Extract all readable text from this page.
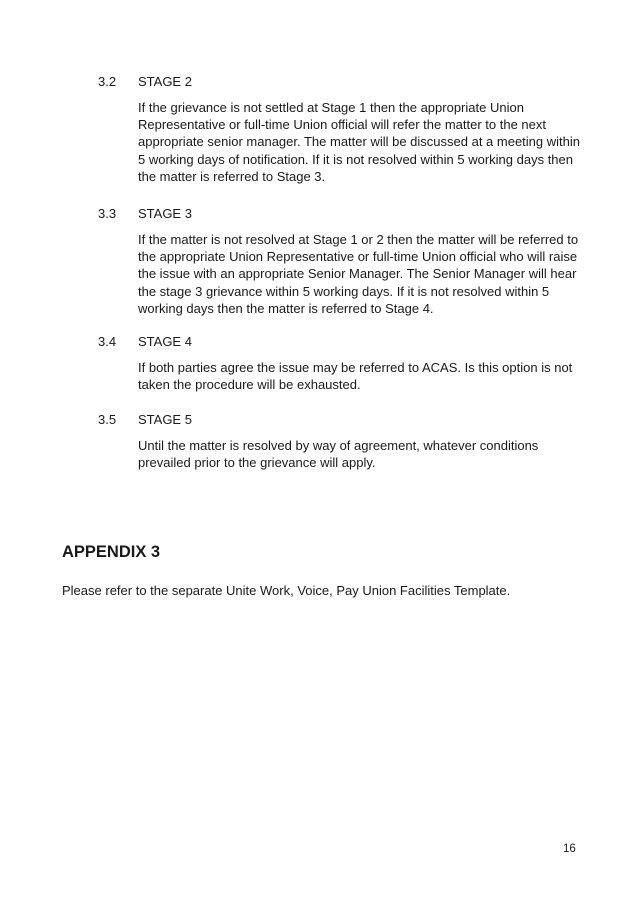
3.2	STAGE 2
If the grievance is not settled at Stage 1 then the appropriate Union Representative or full-time Union official will refer the matter to the next appropriate senior manager. The matter will be discussed at a meeting within 5 working days of notification. If it is not resolved within 5 working days then the matter is referred to Stage 3.
3.3	STAGE 3
If the matter is not resolved at Stage 1 or 2 then the matter will be referred to the appropriate Union Representative or full-time Union official who will raise the issue with an appropriate Senior Manager. The Senior Manager will hear the stage 3 grievance within 5 working days. If it is not resolved within 5 working days then the matter is referred to Stage 4.
3.4	STAGE 4
If both parties agree the issue may be referred to ACAS. Is this option is not taken the procedure will be exhausted.
3.5	STAGE 5
Until the matter is resolved by way of agreement, whatever conditions prevailed prior to the grievance will apply.
APPENDIX 3
Please refer to the separate Unite Work, Voice, Pay Union Facilities Template.
16
